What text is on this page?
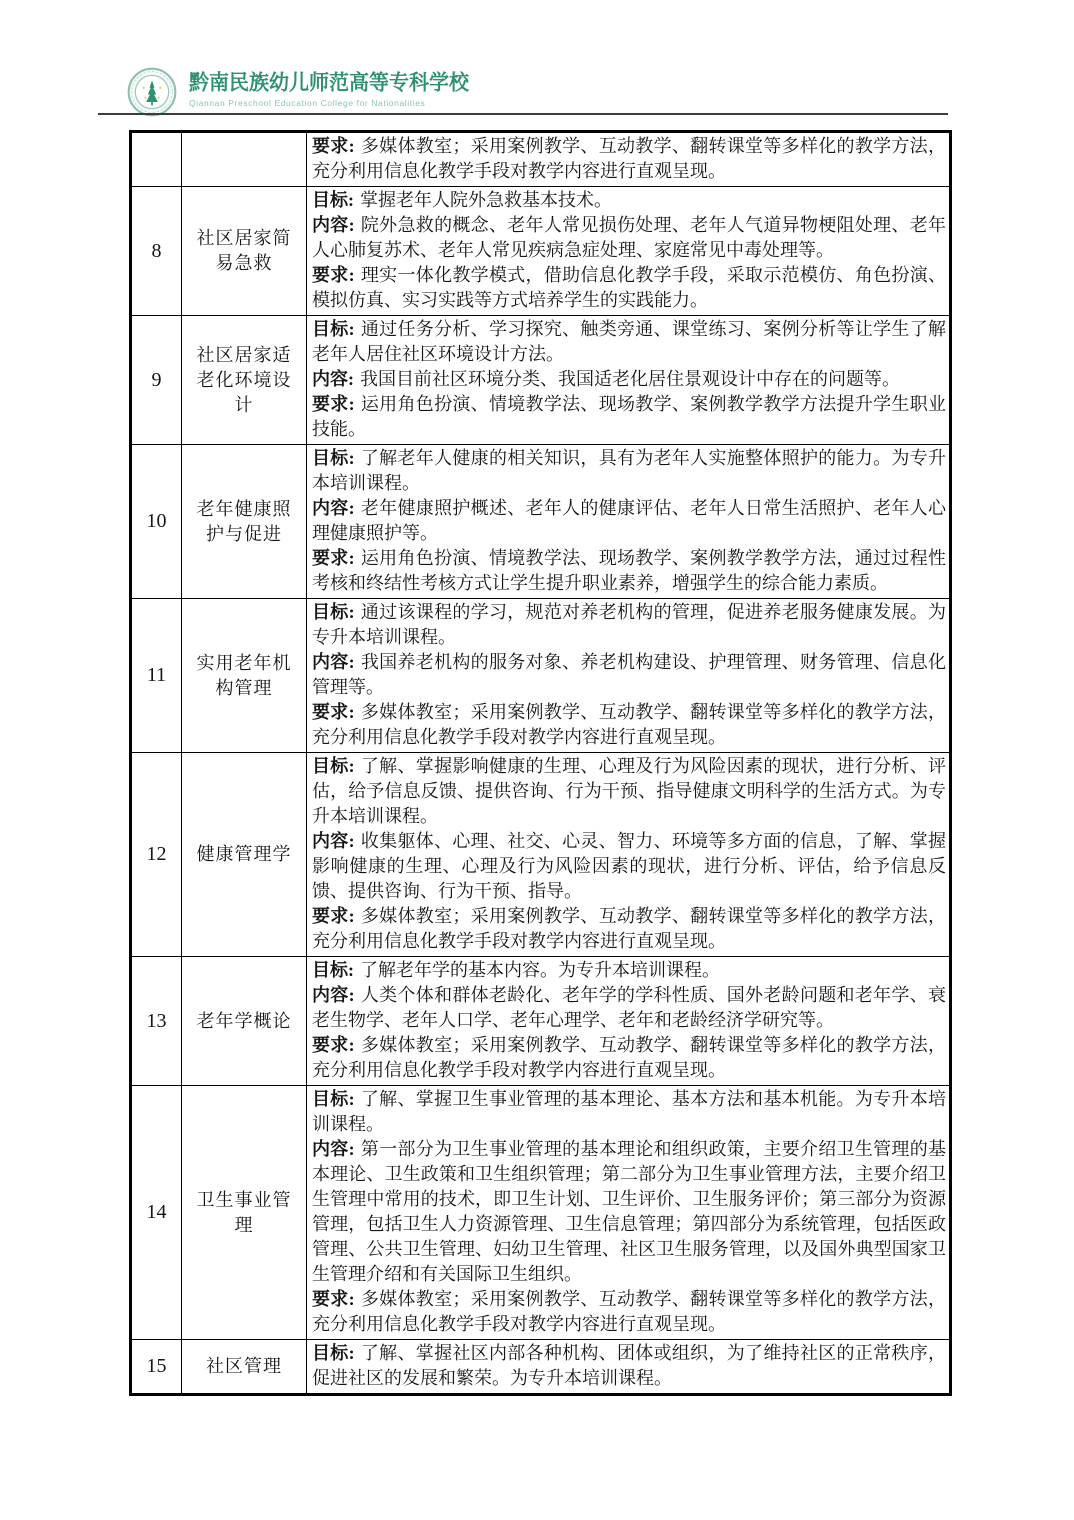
黔南民族幼儿师范高等专科学校
Qiannan Preschool Education College for Nationalities

		要求: 多媒体教室；采用案例教学、互动教学、翻转课堂等多样化的教学方法，充分利用信息化教学手段对教学内容进行直观呈现。

8	社区居家简易急救	目标: 掌握老年人院外急救基本技术。

内容: 院外急救的概念、老年人常见损伤处理、老年人气道异物梗阻处理、老年人心肺复苏术、老年人常见疾病急症处理、家庭常见中毒处理等。

要求: 理实一体化教学模式，借助信息化教学手段，采取示范模仿、角色扮演、模拟仿真、实习实践等方式培养学生的实践能力。

9	社区居家适老化环境设计	目标: 通过任务分析、学习探究、触类旁通、课堂练习、案例分析等让学生了解老年人居住社区环境设计方法。

内容: 我国目前社区环境分类、我国适老化居住景观设计中存在的问题等。

要求: 运用角色扮演、情境教学法、现场教学、案例教学教学方法提升学生职业技能。

10	老年健康照护与促进	目标: 了解老年人健康的相关知识，具有为老年人实施整体照护的能力。为专升本培训课程。

内容: 老年健康照护概述、老年人的健康评估、老年人日常生活照护、老年人心理健康照护等。

要求: 运用角色扮演、情境教学法、现场教学、案例教学教学方法，通过过程性考核和终结性考核方式让学生提升职业素养，增强学生的综合能力素质。

11	实用老年机构管理	目标: 通过该课程的学习，规范对养老机构的管理，促进养老服务健康发展。为专升本培训课程。

内容: 我国养老机构的服务对象、养老机构建设、护理管理、财务管理、信息化管理等。

要求: 多媒体教室；采用案例教学、互动教学、翻转课堂等多样化的教学方法，充分利用信息化教学手段对教学内容进行直观呈现。

12	健康管理学	目标: 了解、掌握影响健康的生理、心理及行为风险因素的现状，进行分析、评估，给予信息反馈、提供咨询、行为干预、指导健康文明科学的生活方式。为专升本培训课程。

内容: 收集躯体、心理、社交、心灵、智力、环境等多方面的信息，了解、掌握影响健康的生理、心理及行为风险因素的现状，进行分析、评估，给予信息反馈、提供咨询、行为干预、指导。

要求: 多媒体教室；采用案例教学、互动教学、翻转课堂等多样化的教学方法，充分利用信息化教学手段对教学内容进行直观呈现。

13	老年学概论	目标: 了解老年学的基本内容。为专升本培训课程。

内容: 人类个体和群体老龄化、老年学的学科性质、国外老龄问题和老年学、衰老生物学、老年人口学、老年心理学、老年和老龄经济学研究等。

要求: 多媒体教室；采用案例教学、互动教学、翻转课堂等多样化的教学方法，充分利用信息化教学手段对教学内容进行直观呈现。

14	卫生事业管理	目标: 了解、掌握卫生事业管理的基本理论、基本方法和基本机能。为专升本培训课程。

内容: 第一部分为卫生事业管理的基本理论和组织政策，主要介绍卫生管理的基本理论、卫生政策和卫生组织管理；第二部分为卫生事业管理方法，主要介绍卫生管理中常用的技术，即卫生计划、卫生评价、卫生服务评价；第三部分为资源管理，包括卫生人力资源管理、卫生信息管理；第四部分为系统管理，包括医政管理、公共卫生管理、妇幼卫生管理、社区卫生服务管理，以及国外典型国家卫生管理介绍和有关国际卫生组织。

要求: 多媒体教室；采用案例教学、互动教学、翻转课堂等多样化的教学方法，充分利用信息化教学手段对教学内容进行直观呈现。

15	社区管理	目标: 了解、掌握社区内部各种机构、团体或组织，为了维持社区的正常秩序，促进社区的发展和繁荣。为专升本培训课程。
